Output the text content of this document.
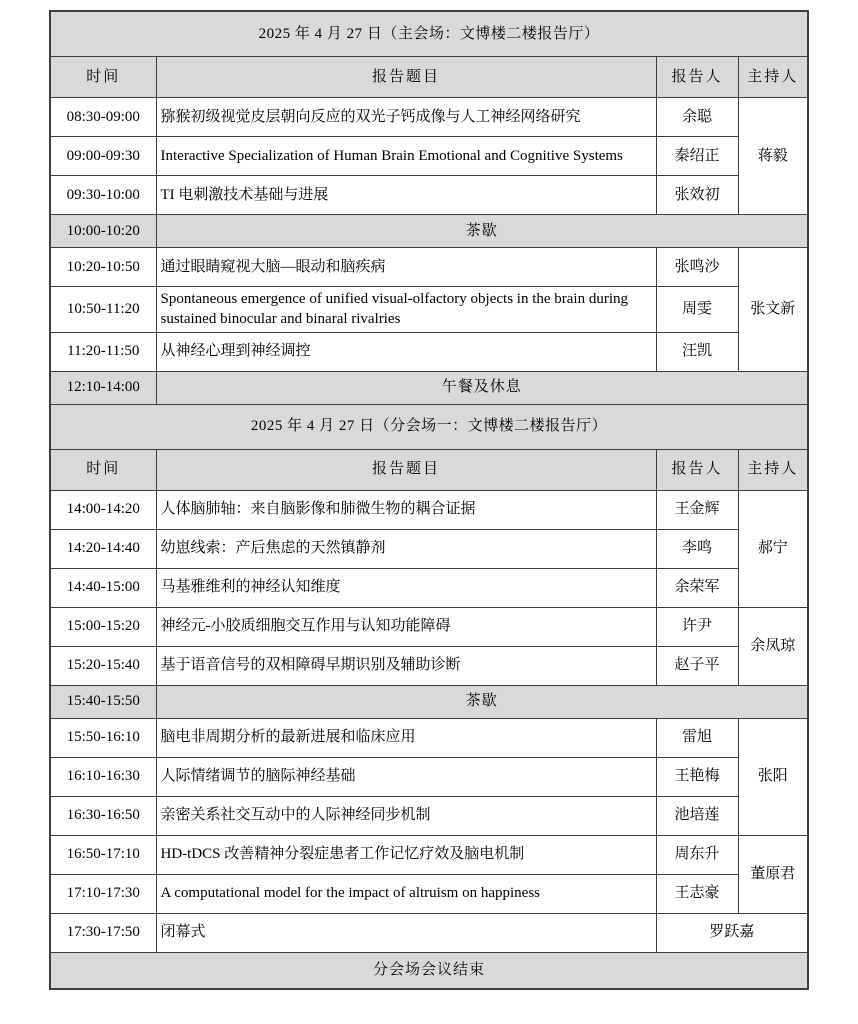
2025 年 4 月 27 日（主会场：文博楼二楼报告厅）			
时间	报告题目	报告人	主持人
08:30-09:00	猕猴初级视觉皮层朝向反应的双光子钙成像与人工神经网络研究	余聪	蒋毅
09:00-09:30	Interactive Specialization of Human Brain Emotional and Cognitive Systems	秦绍正	
09:30-10:00	TI 电刺激技术基础与进展	张效初	
10:00-10:20	茶歇		
10:20-10:50	通过眼睛窥视大脑—眼动和脑疾病	张鸣沙	张文新
10:50-11:20	Spontaneous emergence of unified visual-olfactory objects in the brain during sustained binocular and binaral rivalries	周雯	
11:20-11:50	从神经心理到神经调控	汪凯	
12:10-14:00	午餐及休息		
2025 年 4 月 27 日（分会场一：文博楼二楼报告厅）			
时间	报告题目	报告人	主持人
14:00-14:20	人体脑肺轴：来自脑影像和肺微生物的耦合证据	王金辉	郝宁
14:20-14:40	幼崽线索：产后焦虑的天然镇静剂	李鸣	
14:40-15:00	马基雅维利的神经认知维度	余荣军	
15:00-15:20	神经元-小胶质细胞交互作用与认知功能障碍	许尹	余凤琼
15:20-15:40	基于语音信号的双相障碍早期识别及辅助诊断	赵子平	
15:40-15:50	茶歇		
15:50-16:10	脑电非周期分析的最新进展和临床应用	雷旭	张阳
16:10-16:30	人际情绪调节的脑际神经基础	王艳梅	
16:30-16:50	亲密关系社交互动中的人际神经同步机制	池培莲	
16:50-17:10	HD-tDCS 改善精神分裂症患者工作记忆疗效及脑电机制	周东升	董原君
17:10-17:30	A computational model for the impact of altruism on happiness	王志豪	
17:30-17:50	闭幕式	罗跃嘉	
分会场会议结束			
